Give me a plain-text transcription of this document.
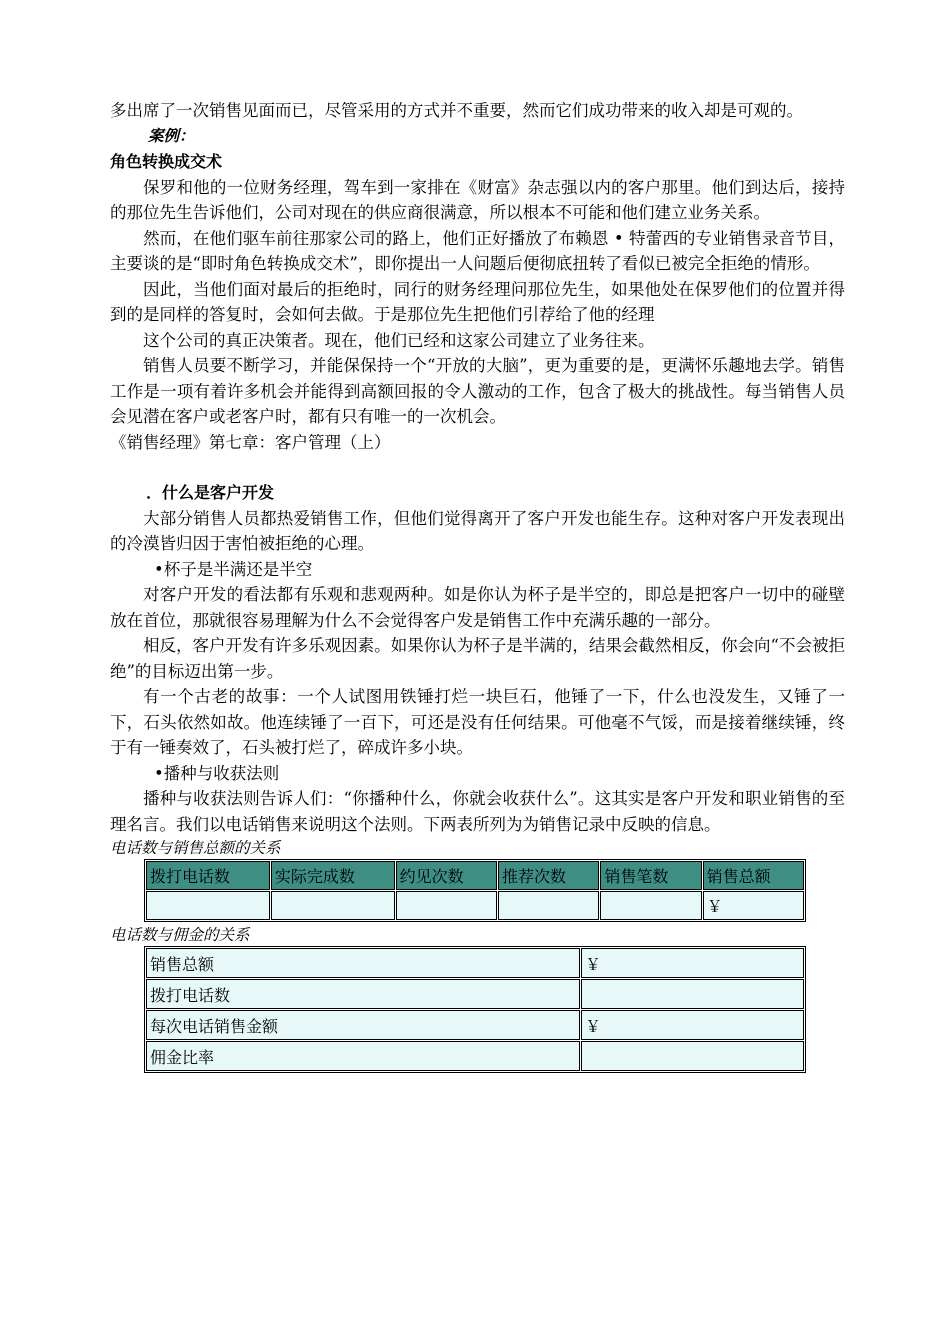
多出席了一次销售见面而已，尽管采用的方式并不重要，然而它们成功带来的收入却是可观的。

案例：

角色转换成交术

保罗和他的一位财务经理，驾车到一家排在《财富》杂志强以内的客户那里。他们到达后，接持的那位先生告诉他们，公司对现在的供应商很满意，所以根本不可能和他们建立业务关系。

然而，在他们驱车前往那家公司的路上，他们正好播放了布赖恩 • 特蕾西的专业销售录音节目，主要谈的是“即时角色转换成交术”，即你提出一人问题后便彻底扭转了看似已被完全拒绝的情形。

因此，当他们面对最后的拒绝时，同行的财务经理问那位先生，如果他处在保罗他们的位置并得到的是同样的答复时，会如何去做。于是那位先生把他们引荐给了他的经理

这个公司的真正决策者。现在，他们已经和这家公司建立了业务往来。

销售人员要不断学习，并能保保持一个“开放的大脑”，更为重要的是，更满怀乐趣地去学。销售工作是一项有着许多机会并能得到高额回报的令人激动的工作，包含了极大的挑战性。每当销售人员会见潜在客户或老客户时，都有只有唯一的一次机会。

《销售经理》第七章：客户管理（上）

．什么是客户开发

大部分销售人员都热爱销售工作，但他们觉得离开了客户开发也能生存。这种对客户开发表现出的冷漠皆归因于害怕被拒绝的心理。

•杯子是半满还是半空

对客户开发的看法都有乐观和悲观两种。如是你认为杯子是半空的，即总是把客户一切中的碰壁放在首位，那就很容易理解为什么不会觉得客户发是销售工作中充满乐趣的一部分。

相反，客户开发有许多乐观因素。如果你认为杯子是半满的，结果会截然相反，你会向“不会被拒绝”的目标迈出第一步。

有一个古老的故事：一个人试图用铁锤打烂一块巨石，他锤了一下，什么也没发生，又锤了一下，石头依然如故。他连续锤了一百下，可还是没有任何结果。可他毫不气馁，而是接着继续锤，终于有一锤奏效了，石头被打烂了，碎成许多小块。

•播种与收获法则

播种与收获法则告诉人们：“你播种什么，你就会收获什么”。这其实是客户开发和职业销售的至理名言。我们以电话销售来说明这个法则。下两表所列为为销售记录中反映的信息。

电话数与销售总额的关系
拨打电话数	实际完成数	约见次数	推荐次数	销售笔数	销售总额
					￥
电话数与佣金的关系
销售总额	￥
拨打电话数	
每次电话销售金额	￥
佣金比率	
